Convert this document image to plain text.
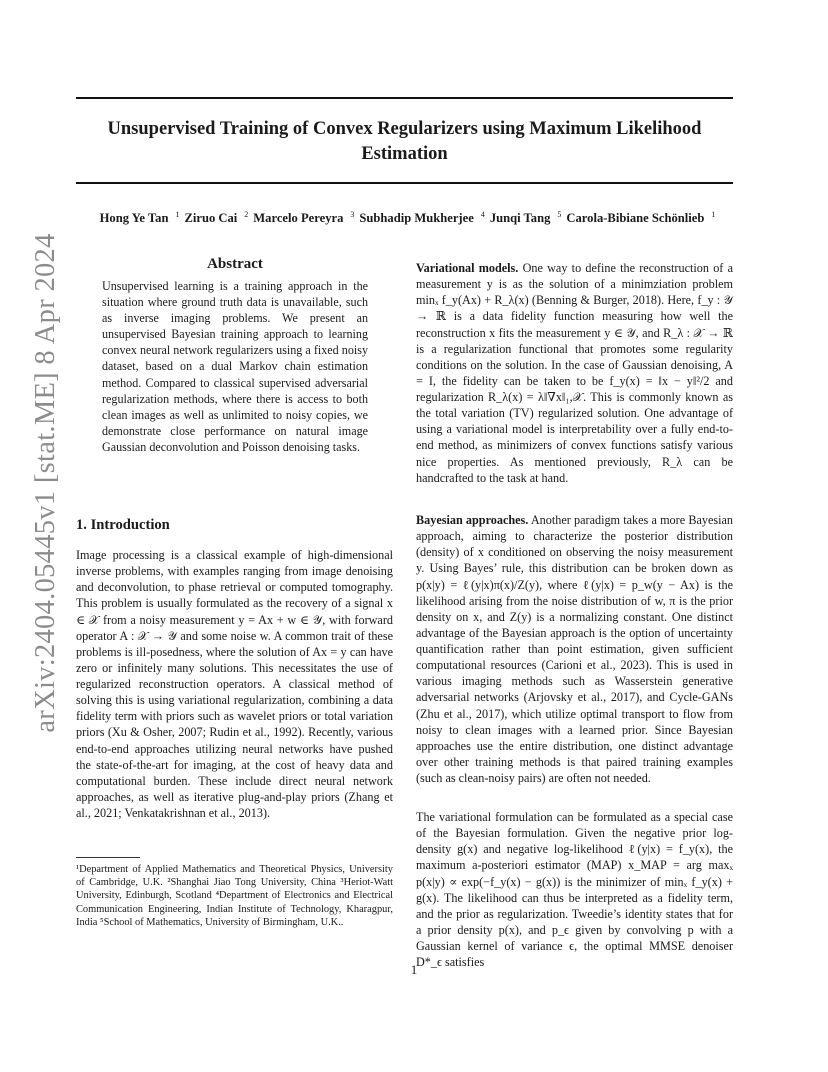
Unsupervised Training of Convex Regularizers using Maximum Likelihood Estimation
Hong Ye Tan $^1$ Ziruo Cai $^2$ Marcelo Pereyra $^3$ Subhadip Mukherjee $^4$ Junqi Tang $^5$ Carola-Bibiane Schönlieb $^1$
arXiv:2404.05445v1 [stat.ME] 8 Apr 2024	Abstract

Unsupervised learning is a training approach in the situation where ground truth data is unavailable, such as inverse imaging problems. We present an unsupervised Bayesian training approach to learning convex neural network regularizers using a fixed noisy dataset, based on a dual Markov chain estimation method. Compared to classical supervised adversarial regularization methods, where there is access to both clean images as well as unlimited to noisy copies, we demonstrate close performance on natural image Gaussian deconvolution and Poisson denoising tasks.

1. Introduction

Image processing is a classical example of high-dimensional inverse problems, with examples ranging from image denoising and deconvolution, to phase retrieval or computed tomography. This problem is usually formulated as the recovery of a signal x ∈ 𝒳 from a noisy measurement y = Ax + w ∈ 𝒴, with forward operator A : 𝒳 → 𝒴 and some noise w. A common trait of these problems is ill-posedness, where the solution of Ax = y can have zero or infinitely many solutions. This necessitates the use of regularized reconstruction operators. A classical method of solving this is using variational regularization, combining a data fidelity term with priors such as wavelet priors or total variation priors (Xu & Osher, 2007; Rudin et al., 1992). Recently, various end-to-end approaches utilizing neural networks have pushed the state-of-the-art for imaging, at the cost of heavy data and computational burden. These include direct neural network approaches, as well as iterative plug-and-play priors (Zhang et al., 2021; Venkatakrishnan et al., 2013).

¹Department of Applied Mathematics and Theoretical Physics, University of Cambridge, U.K. ²Shanghai Jiao Tong University, China ³Heriot-Watt University, Edinburgh, Scotland ⁴Department of Electronics and Electrical Communication Engineering, Indian Institute of Technology, Kharagpur, India ⁵School of Mathematics, University of Birmingham, U.K..

Variational models. One way to define the reconstruction of a measurement y is as the solution of a minimziation problem minₓ f_y(Ax) + R_λ(x) (Benning & Burger, 2018). Here, f_y : 𝒴 → ℝ is a data fidelity function measuring how well the reconstruction x fits the measurement y ∈ 𝒴, and R_λ : 𝒳 → ℝ is a regularization functional that promotes some regularity conditions on the solution. In the case of Gaussian denoising, A = I, the fidelity can be taken to be f_y(x) = ‖x − y‖²/2 and regularization R_λ(x) = λ‖∇x‖₁,𝒳. This is commonly known as the total variation (TV) regularized solution. One advantage of using a variational model is interpretability over a fully end-to-end method, as minimizers of convex functions satisfy various nice properties. As mentioned previously, R_λ can be handcrafted to the task at hand.

Bayesian approaches. Another paradigm takes a more Bayesian approach, aiming to characterize the posterior distribution (density) of x conditioned on observing the noisy measurement y. Using Bayes’ rule, this distribution can be broken down as p(x|y) = ℓ(y|x)π(x)/Z(y), where ℓ(y|x) = p_w(y − Ax) is the likelihood arising from the noise distribution of w, π is the prior density on x, and Z(y) is a normalizing constant. One distinct advantage of the Bayesian approach is the option of uncertainty quantification rather than point estimation, given sufficient computational resources (Carioni et al., 2023). This is used in various imaging methods such as Wasserstein generative adversarial networks (Arjovsky et al., 2017), and Cycle-GANs (Zhu et al., 2017), which utilize optimal transport to flow from noisy to clean images with a learned prior. Since Bayesian approaches use the entire distribution, one distinct advantage over other training methods is that paired training examples (such as clean-noisy pairs) are often not needed.

The variational formulation can be formulated as a special case of the Bayesian formulation. Given the negative prior log-density g(x) and negative log-likelihood ℓ(y|x) = f_y(x), the maximum a-posteriori estimator (MAP) x_MAP = arg maxₓ p(x|y) ∝ exp(−f_y(x) − g(x)) is the minimizer of minₓ f_y(x) + g(x). The likelihood can thus be interpreted as a fidelity term, and the prior as regularization. Tweedie’s identity states that for a prior density p(x), and p_ϵ given by convolving p with a Gaussian kernel of variance ϵ, the optimal MMSE denoiser D*_ϵ satisfies

1
